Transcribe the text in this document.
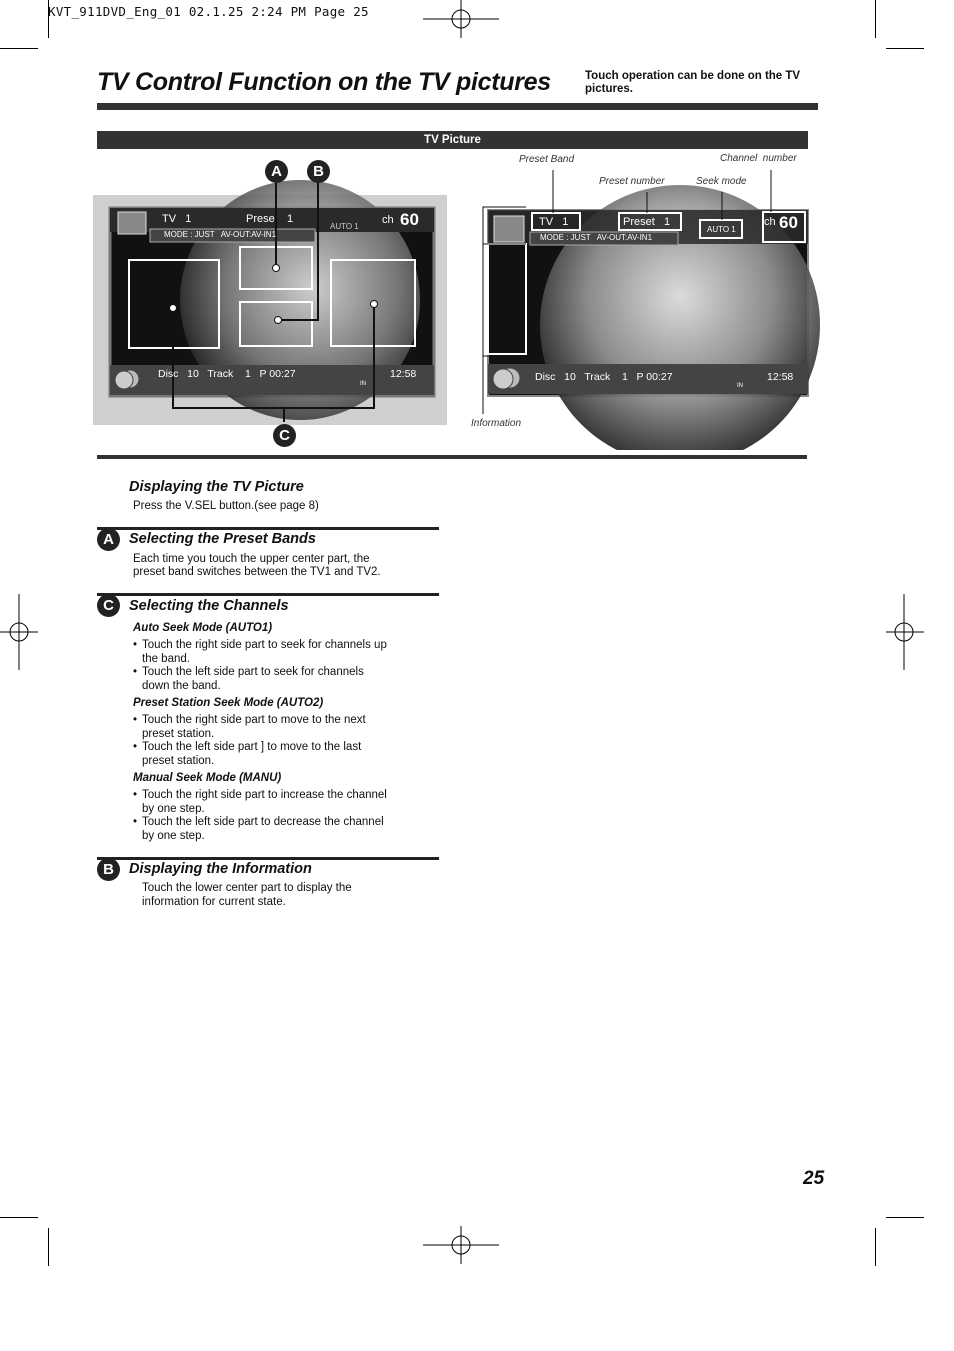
KVT_911DVD_Eng_01 02.1.25 2:24 PM Page 25
TV Control Function on the TV pictures	Touch operation can be done on the TV pictures.
TV Picture
TV   1	Prese    1
MODE : JUST   AV-OUT:AV-IN1
AUTO 1
ch 60
Disc   10   Track    1   P 00:27	12:58
IN
TV   1	Preset   1
MODE : JUST   AV-OUT:AV-IN1
AUTO 1
ch 60
Disc   10   Track    1   P 00:27	12:58
IN
A	B
C
Preset Band	Channel  number
Preset number	Seek mode
Information
Displaying the TV Picture
Press the V.SEL button.(see page 8)
A	Selecting the Preset Bands
Each time you touch the upper center part, the
preset band switches between the TV1 and TV2.
C	Selecting the Channels
Auto Seek Mode (AUTO1)
• Touch the right side part to seek for channels up
the band.
• Touch the left side part to seek for channels
down the band.
Preset Station Seek Mode (AUTO2)
• Touch the right side part to move to the next
preset station.
• Touch the left side part ] to move to the last
preset station.
Manual Seek Mode (MANU)
• Touch the right side part to increase the channel
by one step.
• Touch the left side part to decrease the channel
by one step.
B	Displaying the Information
Touch the lower center part to display the
information for current state.
25
